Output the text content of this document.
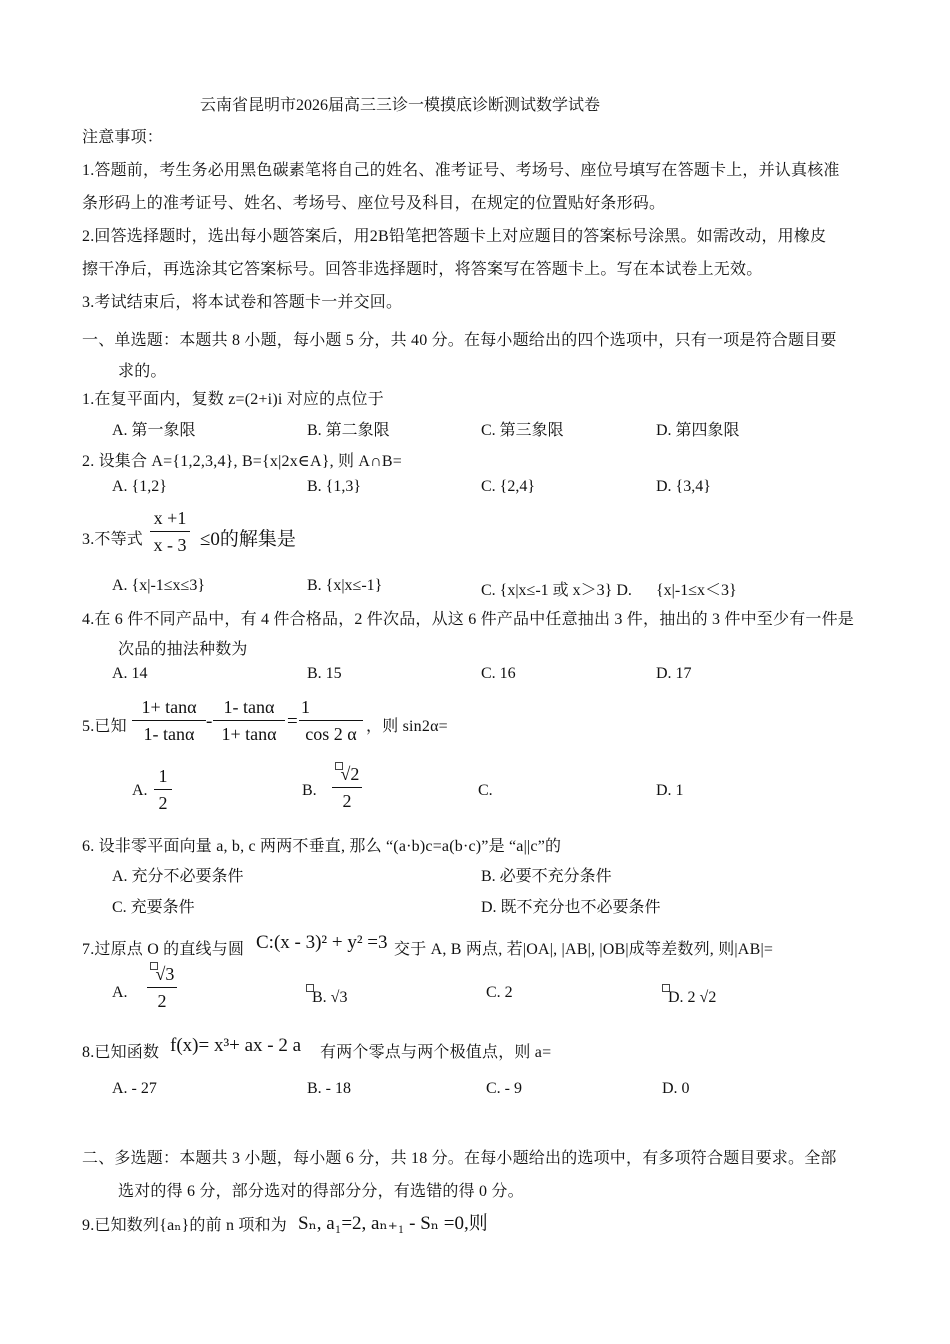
云南省昆明市2026届高三三诊一模摸底诊断测试数学试卷
注意事项：
1.答题前，考生务必用黑色碳素笔将自己的姓名、准考证号、考场号、座位号填写在答题卡上，并认真核准
条形码上的准考证号、姓名、考场号、座位号及科目，在规定的位置贴好条形码。
2.回答选择题时，选出每小题答案后，用2B铅笔把答题卡上对应题目的答案标号涂黑。如需改动，用橡皮
擦干净后，再选涂其它答案标号。回答非选择题时，将答案写在答题卡上。写在本试卷上无效。
3.考试结束后，将本试卷和答题卡一并交回。
一、单选题：本题共 8 小题，每小题 5 分，共 40 分。在每小题给出的四个选项中，只有一项是符合题目要
求的。
1.在复平面内，复数 z=(2+i)i 对应的点位于
A. 第一象限	B. 第二象限	C. 第三象限	D. 第四象限
2. 设集合 A={1,2,3,4}, B={x|2x∈A}, 则 A∩B=
A. {1,2}	B. {1,3}	C. {2,4}	D. {3,4}
3.不等式
x +1
x - 3 ≤0的解集是
A. {x|-1≤x≤3}	B. {x|x≤-1}	C. {x|x≤-1 或 x＞3} D. {x|-1≤x＜3}
4.在 6 件不同产品中，有 4 件合格品，2 件次品，从这 6 件产品中任意抽出 3 件，抽出的 3 件中至少有一件是
次品的抽法种数为
A. 14	B. 15	C. 16	D. 17
5.已知
1+ tanα
1- tanα
-
1- tanα
1+ tanα
=
1
cos 2 α ，则 sin2α=
A.
1
2
B.
√2
2
C.	D. 1
6. 设非零平面向量 a, b, c 两两不垂直, 那么 “(a·b)c=a(b·c)”是 “a||c”的
A. 充分不必要条件	B. 必要不充分条件
C. 充要条件	D. 既不充分也不必要条件
7.过原点 O 的直线与圆 C:(x - 3)² + y² =3 交于 A, B 两点, 若|OA|, |AB|, |OB|成等差数列, 则|AB|=
A.
√3
2	B. √3	C. 2	D. 2 √2
8.已知函数 f(x)= x³+ ax - 2 a 有两个零点与两个极值点，则 a=
A. - 27	B. - 18	C. - 9	D. 0
二、多选题：本题共 3 小题，每小题 6 分，共 18 分。在每小题给出的选项中，有多项符合题目要求。全部
选对的得 6 分，部分选对的得部分分，有选错的得 0 分。
9.已知数列{aₙ}的前 n 项和为 Sₙ, a₁=2, aₙ₊₁ - Sₙ =0,则
